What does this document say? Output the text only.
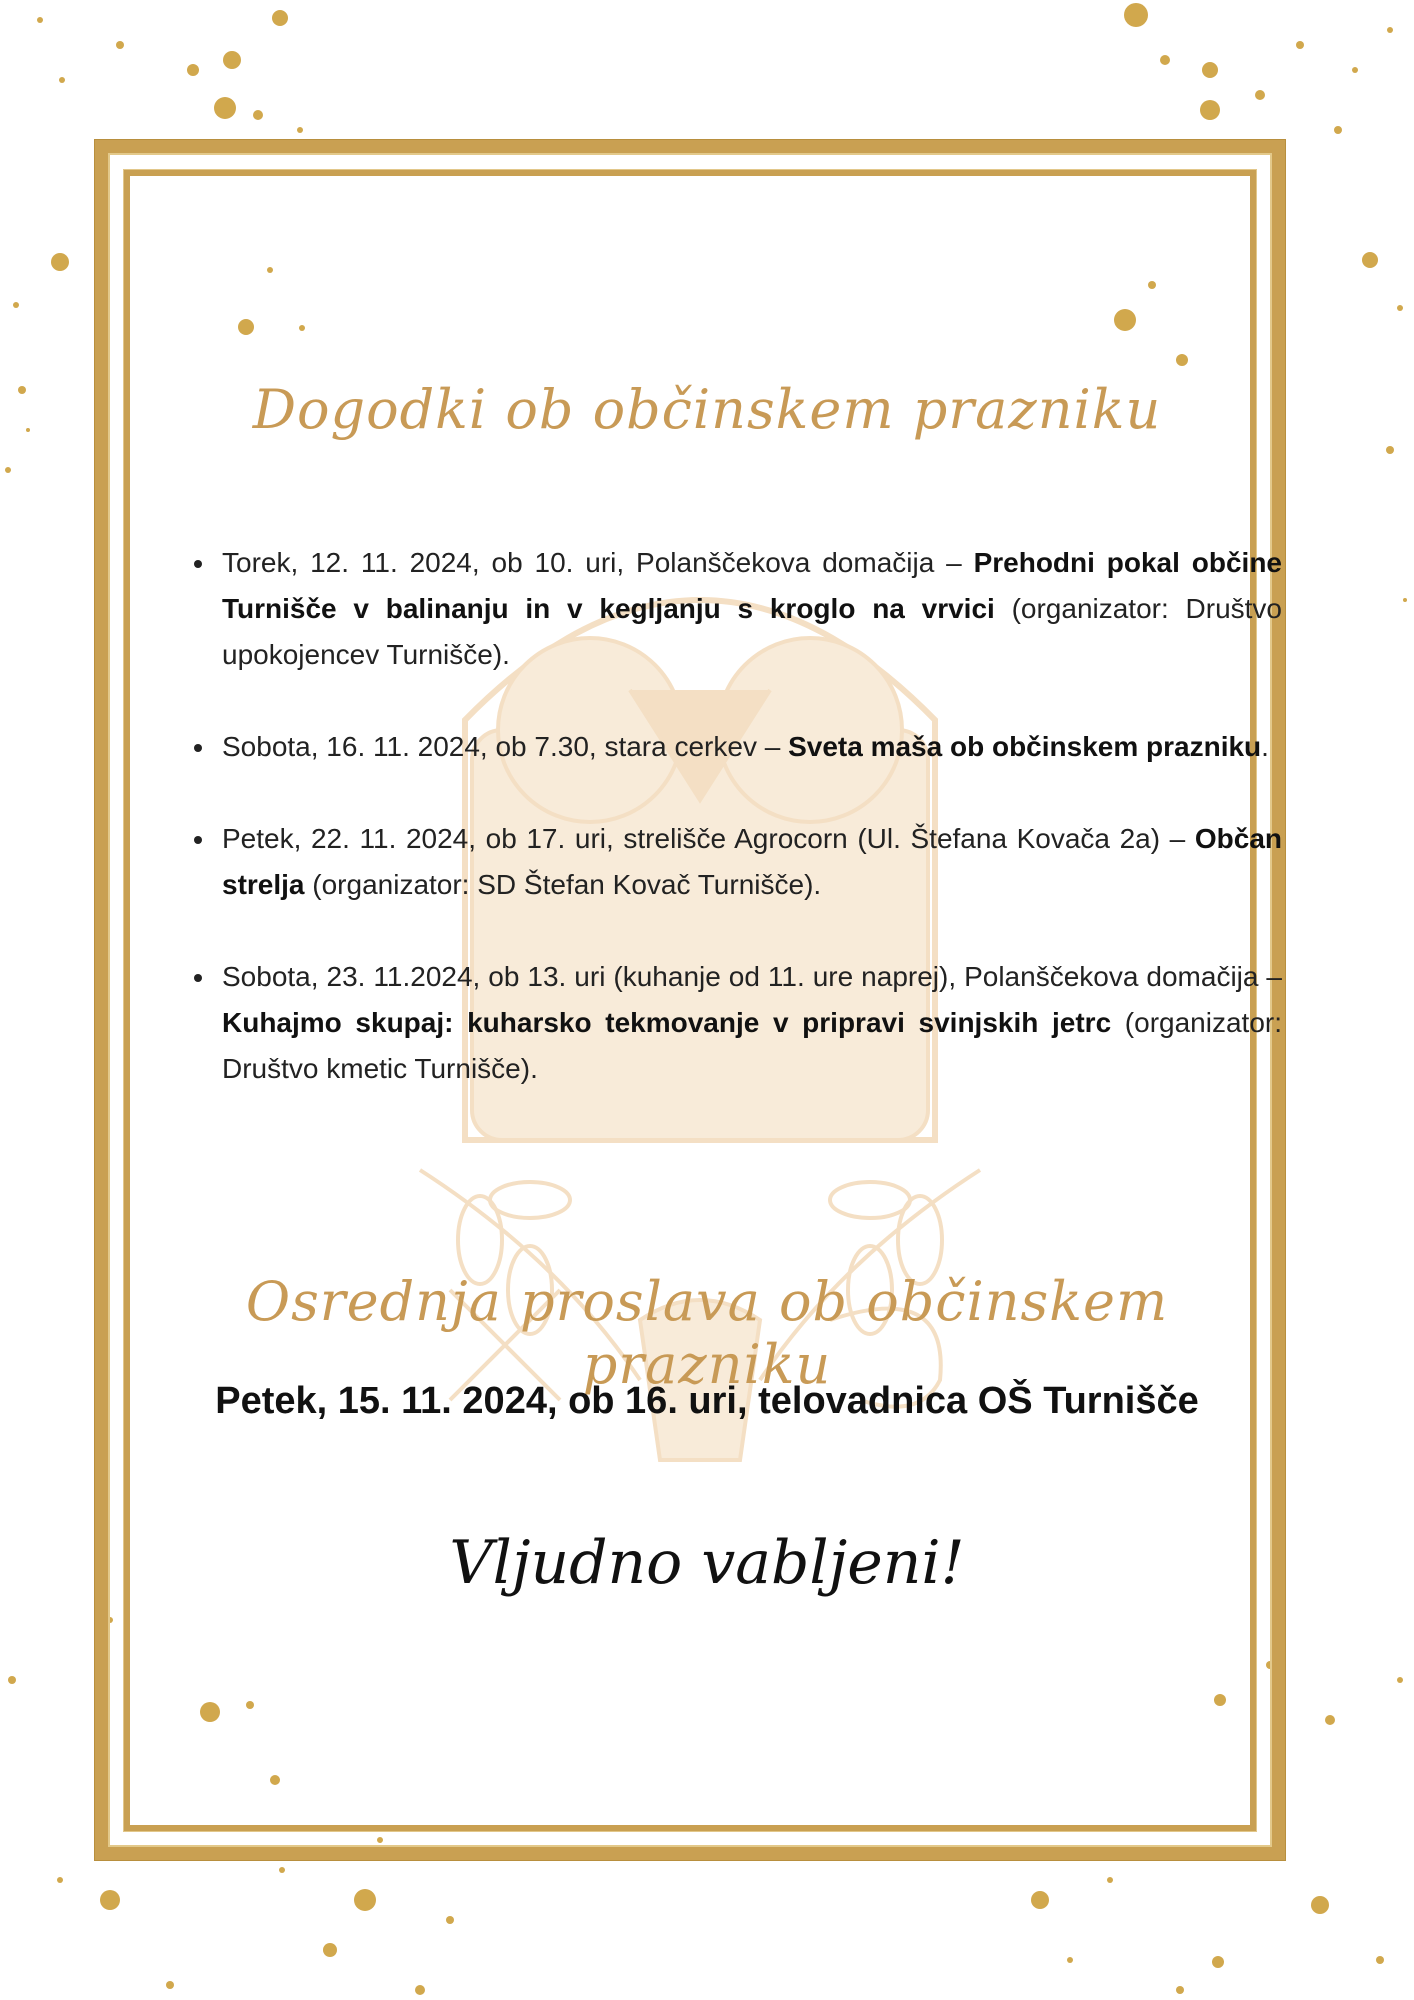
Dogodki ob občinskem prazniku
Torek, 12. 11. 2024, ob 10. uri, Polanščekova domačija – Prehodni pokal občine Turnišče v balinanju in v kegljanju s kroglo na vrvici (organizator: Društvo upokojencev Turnišče).
Sobota, 16. 11. 2024, ob 7.30, stara cerkev – Sveta maša ob občinskem prazniku.
Petek, 22. 11. 2024, ob 17. uri, strelišče Agrocorn (Ul. Štefana Kovača 2a) – Občan strelja (organizator: SD Štefan Kovač Turnišče).
Sobota, 23. 11.2024, ob 13. uri (kuhanje od 11. ure naprej), Polanščekova domačija – Kuhajmo skupaj: kuharsko tekmovanje v pripravi svinjskih jetrc (organizator: Društvo kmetic Turnišče).
Osrednja proslava ob občinskem prazniku

Petek, 15. 11. 2024, ob 16. uri, telovadnica OŠ Turnišče

Vljudno vabljeni!
